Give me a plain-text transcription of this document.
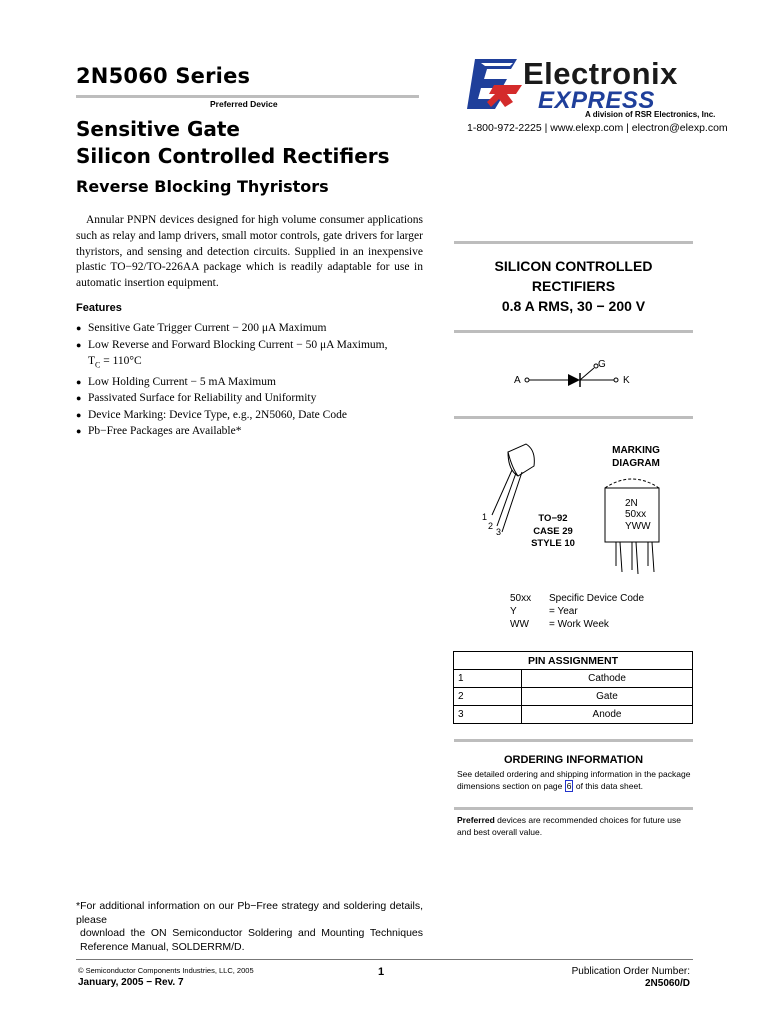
2N5060 Series
Preferred Device
Sensitive Gate
Silicon Controlled Rectifiers
Reverse Blocking Thyristors
Annular PNPN devices designed for high volume consumer applications such as relay and lamp drivers, small motor controls, gate drivers for larger thyristors, and sensing and detection circuits. Supplied in an inexpensive plastic TO−92/TO-226AA package which is readily adaptable for use in automatic insertion equipment.
Features
● Sensitive Gate Trigger Current − 200 μA Maximum
● Low Reverse and Forward Blocking Current − 50 μA Maximum,
$T_C = 110^\circ C$
● Low Holding Current − 5 mA Maximum
● Passivated Surface for Reliability and Uniformity
● Device Marking: Device Type, e.g., 2N5060, Date Code
● Pb−Free Packages are Available*
*For additional information on our Pb−Free strategy and soldering details, please
download the ON Semiconductor Soldering and Mounting Techniques Reference Manual, SOLDERRM/D.
Electronix
EXPRESS
A division of RSR Electronics, Inc.
1-800-972-2225 | www.elexp.com | electron@elexp.com
SILICON CONTROLLED
RECTIFIERS
0.8 A RMS, 30 − 200 V
A
G
K
1
2
3
TO−92
CASE 29
STYLE 10
MARKING
DIAGRAM
2N
50xx
YWW
50xx Specific Device Code
Y	= Year
WW = Work Week
PIN ASSIGNMENT	
1	Cathode
2	Gate
3	Anode
ORDERING INFORMATION
See detailed ordering and shipping information in the package dimensions section on page 6 of this data sheet.
Preferred devices are recommended choices for future use and best overall value.
© Semiconductor Components Industries, LLC, 2005
January, 2005 − Rev. 7
1	Publication Order Number:
2N5060/D
